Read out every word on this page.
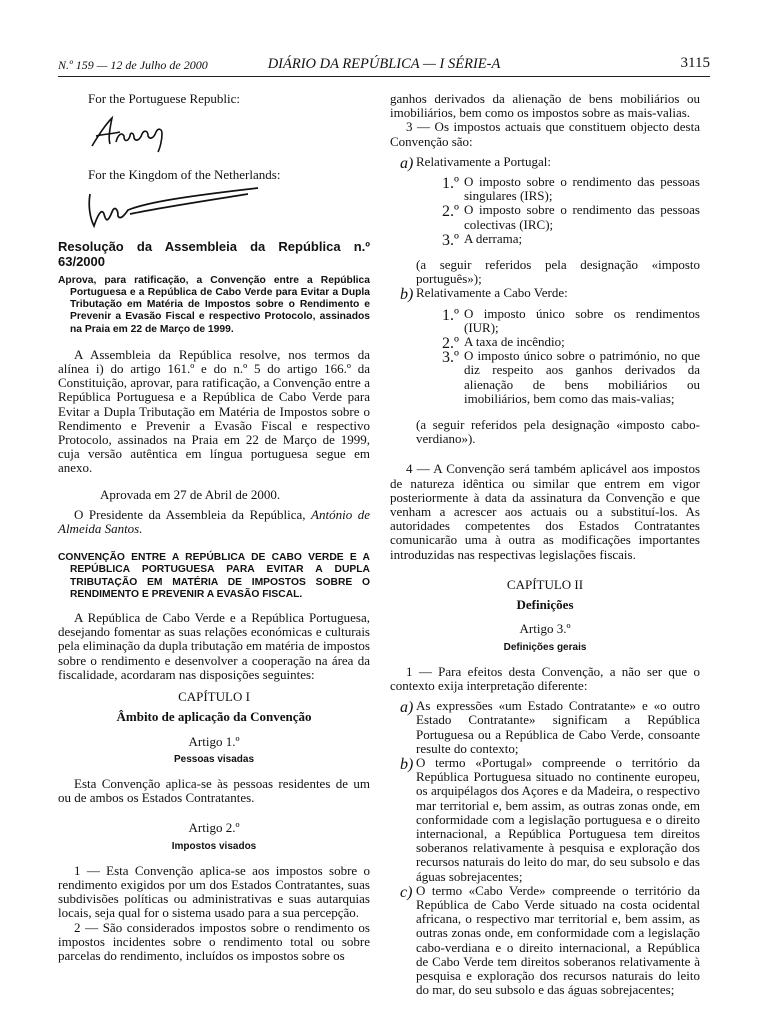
N.º 159 — 12 de Julho de 2000	DIÁRIO DA REPÚBLICA — I SÉRIE-A	3115

For the Portuguese Republic:

For the Kingdom of the Netherlands:

Resolução da Assembleia da República n.º 63/2000

Aprova, para ratificação, a Convenção entre a República Portuguesa e a República de Cabo Verde para Evitar a Dupla Tributação em Matéria de Impostos sobre o Rendimento e Prevenir a Evasão Fiscal e respectivo Protocolo, assinados na Praia em 22 de Março de 1999.

A Assembleia da República resolve, nos termos da alínea i) do artigo 161.º e do n.º 5 do artigo 166.º da Constituição, aprovar, para ratificação, a Convenção entre a República Portuguesa e a República de Cabo Verde para Evitar a Dupla Tributação em Matéria de Impostos sobre o Rendimento e Prevenir a Evasão Fiscal e respectivo Protocolo, assinados na Praia em 22 de Março de 1999, cuja versão autêntica em língua portuguesa segue em anexo.

Aprovada em 27 de Abril de 2000.

O Presidente da Assembleia da República, António de Almeida Santos.

CONVENÇÃO ENTRE A REPÚBLICA DE CABO VERDE E A REPÚBLICA PORTUGUESA PARA EVITAR A DUPLA TRIBUTAÇÃO EM MATÉRIA DE IMPOSTOS SOBRE O RENDIMENTO E PREVENIR A EVASÃO FISCAL.

A República de Cabo Verde e a República Portuguesa, desejando fomentar as suas relações económicas e culturais pela eliminação da dupla tributação em matéria de impostos sobre o rendimento e desenvolver a cooperação na área da fiscalidade, acordaram nas disposições seguintes:

CAPÍTULO I

Âmbito de aplicação da Convenção

Artigo 1.º

Pessoas visadas

Esta Convenção aplica-se às pessoas residentes de um ou de ambos os Estados Contratantes.

Artigo 2.º

Impostos visados

1 — Esta Convenção aplica-se aos impostos sobre o rendimento exigidos por um dos Estados Contratantes, suas subdivisões políticas ou administrativas e suas autarquias locais, seja qual for o sistema usado para a sua percepção.

2 — São considerados impostos sobre o rendimento os impostos incidentes sobre o rendimento total ou sobre parcelas do rendimento, incluídos os impostos sobre os

ganhos derivados da alienação de bens mobiliários ou imobiliários, bem como os impostos sobre as mais-valias.

3 — Os impostos actuais que constituem objecto desta Convenção são:

a) Relativamente a Portugal:

1.º O imposto sobre o rendimento das pessoas singulares (IRS);

2.º O imposto sobre o rendimento das pessoas colectivas (IRC);

3.º A derrama;

(a seguir referidos pela designação «imposto português»);

b) Relativamente a Cabo Verde:

1.º O imposto único sobre os rendimentos (IUR);

2.º A taxa de incêndio;

3.º O imposto único sobre o património, no que diz respeito aos ganhos derivados da alienação de bens mobiliários ou imobiliários, bem como das mais-valias;

(a seguir referidos pela designação «imposto cabo-verdiano»).

4 — A Convenção será também aplicável aos impostos de natureza idêntica ou similar que entrem em vigor posteriormente à data da assinatura da Convenção e que venham a acrescer aos actuais ou a substituí-los. As autoridades competentes dos Estados Contratantes comunicarão uma à outra as modificações importantes introduzidas nas respectivas legislações fiscais.

CAPÍTULO II

Definições

Artigo 3.º

Definições gerais

1 — Para efeitos desta Convenção, a não ser que o contexto exija interpretação diferente:

a) As expressões «um Estado Contratante» e «o outro Estado Contratante» significam a República Portuguesa ou a República de Cabo Verde, consoante resulte do contexto;

b) O termo «Portugal» compreende o território da República Portuguesa situado no continente europeu, os arquipélagos dos Açores e da Madeira, o respectivo mar territorial e, bem assim, as outras zonas onde, em conformidade com a legislação portuguesa e o direito internacional, a República Portuguesa tem direitos soberanos relativamente à pesquisa e exploração dos recursos naturais do leito do mar, do seu subsolo e das águas sobrejacentes;

c) O termo «Cabo Verde» compreende o território da República de Cabo Verde situado na costa ocidental africana, o respectivo mar territorial e, bem assim, as outras zonas onde, em conformidade com a legislação cabo-verdiana e o direito internacional, a República de Cabo Verde tem direitos soberanos relativamente à pesquisa e exploração dos recursos naturais do leito do mar, do seu subsolo e das águas sobrejacentes;
